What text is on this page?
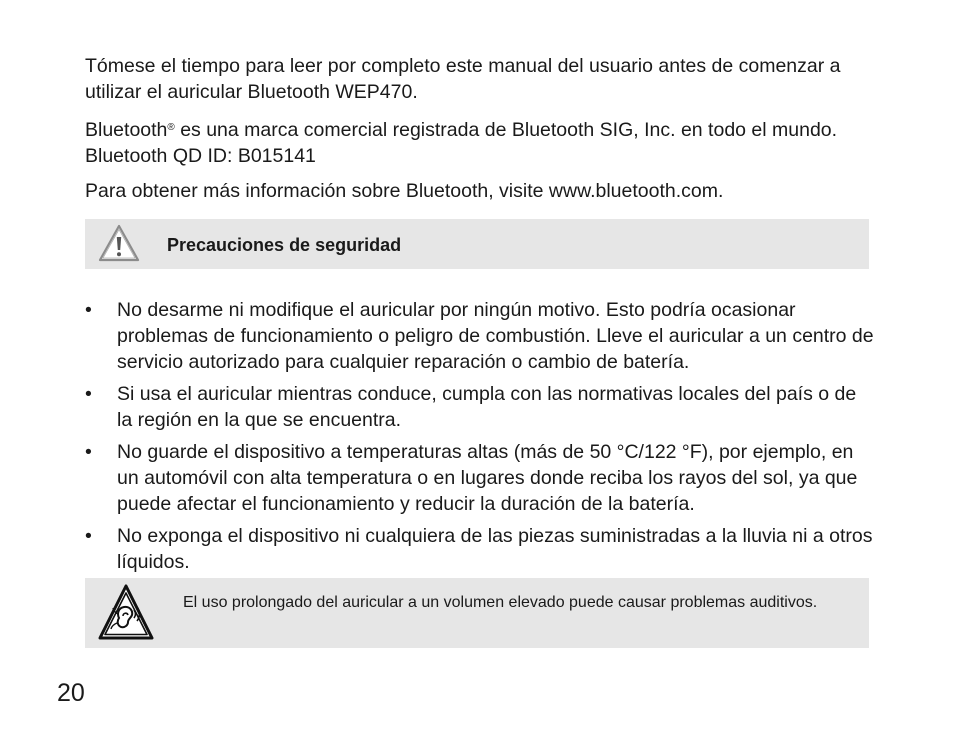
Tómese el tiempo para leer por completo este manual del usuario antes de comenzar a utilizar el auricular Bluetooth WEP470.

Bluetooth® es una marca comercial registrada de Bluetooth SIG, Inc. en todo el mundo. Bluetooth QD ID: B015141

Para obtener más información sobre Bluetooth, visite www.bluetooth.com.

Precauciones de seguridad
• No desarme ni modifique el auricular por ningún motivo. Esto podría ocasionar problemas de funcionamiento o peligro de combustión. Lleve el auricular a un centro de servicio autorizado para cualquier reparación o cambio de batería.
• Si usa el auricular mientras conduce, cumpla con las normativas locales del país o de la región en la que se encuentra.
• No guarde el dispositivo a temperaturas altas (más de 50 °C/122 °F), por ejemplo, en un automóvil con alta temperatura o en lugares donde reciba los rayos del sol, ya que puede afectar el funcionamiento y reducir la duración de la batería.
• No exponga el dispositivo ni cualquiera de las piezas suministradas a la lluvia ni a otros líquidos.
El uso prolongado del auricular a un volumen elevado puede causar problemas auditivos.
20
